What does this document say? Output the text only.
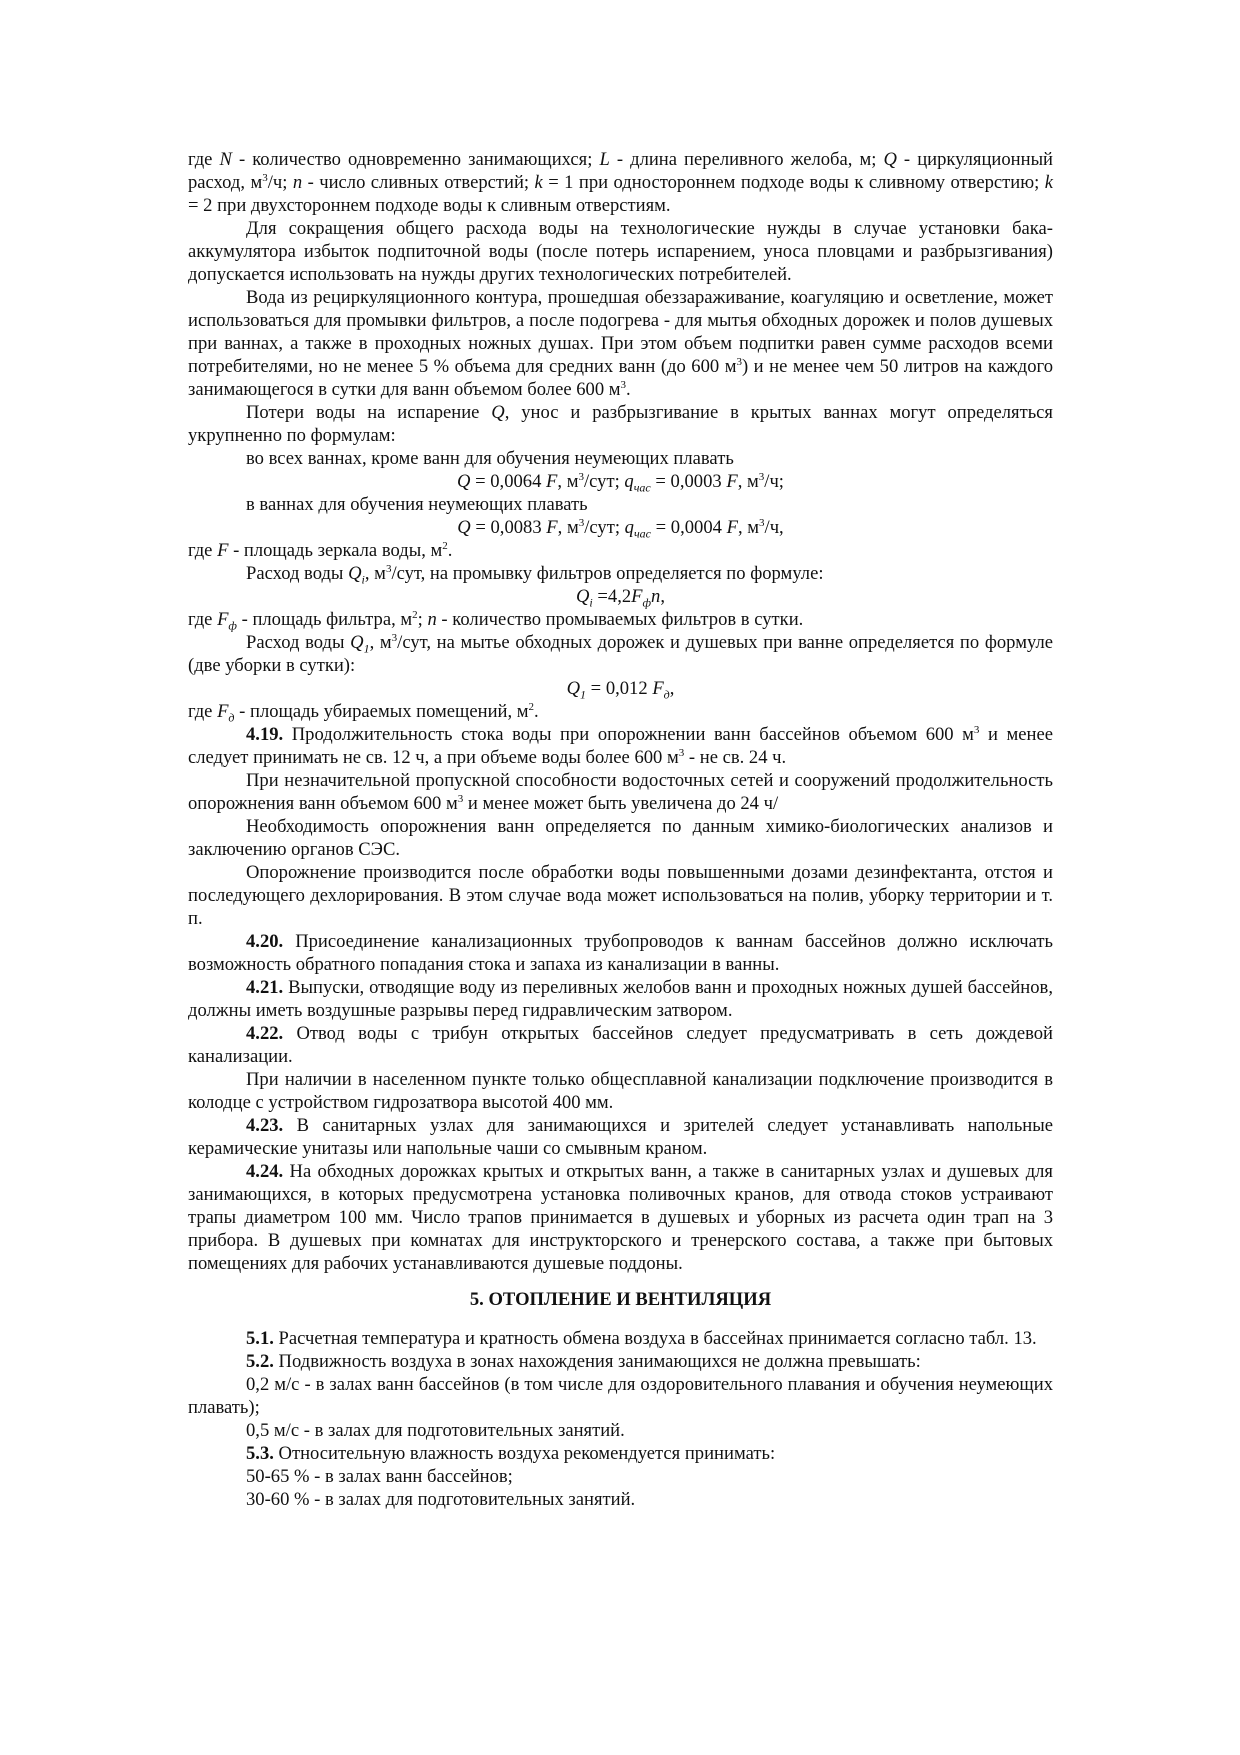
где N - количество одновременно занимающихся; L - длина переливного желоба, м; Q - циркуляционный расход, $м^3/ч$; n - число сливных отверстий; k = 1 при одностороннем подходе воды к сливному отверстию; k = 2 при двухстороннем подходе воды к сливным отверстиям.

Для сокращения общего расхода воды на технологические нужды в случае установки бака-аккумулятора избыток подпиточной воды (после потерь испарением, уноса пловцами и разбрызгивания) допускается использовать на нужды других технологических потребителей.

Вода из рециркуляционного контура, прошедшая обеззараживание, коагуляцию и осветление, может использоваться для промывки фильтров, а после подогрева - для мытья обходных дорожек и полов душевых при ваннах, а также в проходных ножных душах. При этом объем подпитки равен сумме расходов всеми потребителями, но не менее 5 % объема для средних ванн (до 600 $м^3$) и не менее чем 50 литров на каждого занимающегося в сутки для ванн объемом более 600 $м^3$.

Потери воды на испарение Q, унос и разбрызгивание в крытых ваннах могут определяться укрупненно по формулам:

во всех ваннах, кроме ванн для обучения неумеющих плавать

Q = 0,0064 F, $м^3$/сут; $q_{час} = 0,0003$ F, $м^3/ч$;

в ваннах для обучения неумеющих плавать

Q = 0,0083 F, $м^3$/сут; $q_{час} = 0,0004$ F, $м^3/ч$,

где F - площадь зеркала воды, $м^2$.

Расход воды $Q_i$, $м^3$/сут, на промывку фильтров определяется по формуле:

$Q_i =4,2F_фn$,

где $F_ф$ - площадь фильтра, $м^2$; n - количество промываемых фильтров в сутки.

Расход воды $Q_1$, $м^3$/сут, на мытье обходных дорожек и душевых при ванне определяется по формуле (две уборки в сутки):

$Q_1 = 0,012$ $F_д$,

где $F_д$ - площадь убираемых помещений, $м^2$.

4.19. Продолжительность стока воды при опорожнении ванн бассейнов объемом 600 $м^3$ и менее следует принимать не св. 12 ч, а при объеме воды более 600 $м^3$ - не св. 24 ч.

При незначительной пропускной способности водосточных сетей и сооружений продолжительность опорожнения ванн объемом 600 $м^3$ и менее может быть увеличена до 24 ч/

Необходимость опорожнения ванн определяется по данным химико-биологических анализов и заключению органов СЭС.

Опорожнение производится после обработки воды повышенными дозами дезинфектанта, отстоя и последующего дехлорирования. В этом случае вода может использоваться на полив, уборку территории и т. п.

4.20. Присоединение канализационных трубопроводов к ваннам бассейнов должно исключать возможность обратного попадания стока и запаха из канализации в ванны.

4.21. Выпуски, отводящие воду из переливных желобов ванн и проходных ножных душей бассейнов, должны иметь воздушные разрывы перед гидравлическим затвором.

4.22. Отвод воды с трибун открытых бассейнов следует предусматривать в сеть дождевой канализации.

При наличии в населенном пункте только общесплавной канализации подключение производится в колодце с устройством гидрозатвора высотой 400 мм.

4.23. В санитарных узлах для занимающихся и зрителей следует устанавливать напольные керамические унитазы или напольные чаши со смывным краном.

4.24. На обходных дорожках крытых и открытых ванн, а также в санитарных узлах и душевых для занимающихся, в которых предусмотрена установка поливочных кранов, для отвода стоков устраивают трапы диаметром 100 мм. Число трапов принимается в душевых и уборных из расчета один трап на 3 прибора. В душевых при комнатах для инструкторского и тренерского состава, а также при бытовых помещениях для рабочих устанавливаются душевые поддоны.

5. ОТОПЛЕНИЕ И ВЕНТИЛЯЦИЯ

5.1. Расчетная температура и кратность обмена воздуха в бассейнах принимается согласно табл. 13.

5.2. Подвижность воздуха в зонах нахождения занимающихся не должна превышать:

0,2 м/с - в залах ванн бассейнов (в том числе для оздоровительного плавания и обучения неумеющих плавать);

0,5 м/с - в залах для подготовительных занятий.

5.3. Относительную влажность воздуха рекомендуется принимать:

50-65 % - в залах ванн бассейнов;

30-60 % - в залах для подготовительных занятий.
